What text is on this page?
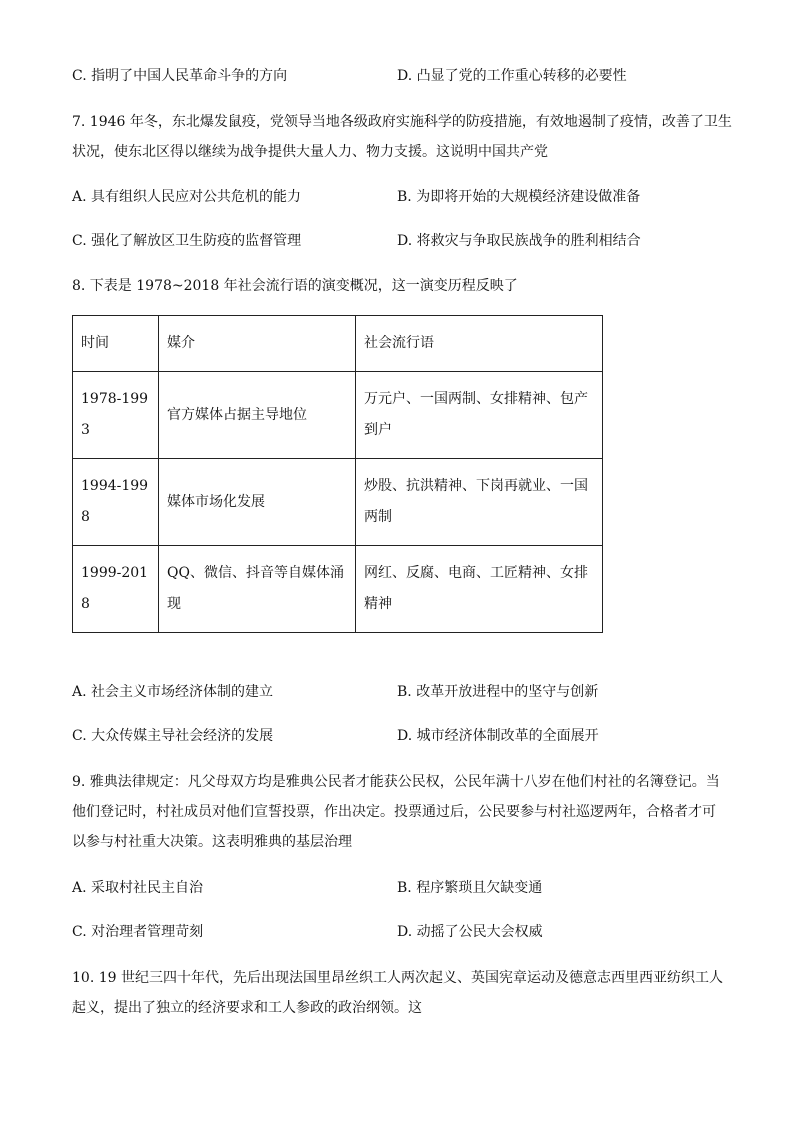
C. 指明了中国人民革命斗争的方向	D. 凸显了党的工作重心转移的必要性
7. 1946 年冬，东北爆发鼠疫，党领导当地各级政府实施科学的防疫措施，有效地遏制了疫情，改善了卫生
状况，使东北区得以继续为战争提供大量人力、物力支援。这说明中国共产党
A. 具有组织人民应对公共危机的能力	B. 为即将开始的大规模经济建设做准备
C. 强化了解放区卫生防疫的监督管理	D. 将救灾与争取民族战争的胜利相结合
8. 下表是 1978~2018 年社会流行语的演变概况，这一演变历程反映了
时间	媒介	社会流行语
1978-1993	官方媒体占据主导地位	万元户、一国两制、女排精神、包产到户
1994-1998	媒体市场化发展	炒股、抗洪精神、下岗再就业、一国两制
1999-2018	QQ、微信、抖音等自媒体涌现	网红、反腐、电商、工匠精神、女排精神
A. 社会主义市场经济体制的建立	B. 改革开放进程中的坚守与创新
C. 大众传媒主导社会经济的发展	D. 城市经济体制改革的全面展开
9. 雅典法律规定：凡父母双方均是雅典公民者才能获公民权，公民年满十八岁在他们村社的名簿登记。当
他们登记时，村社成员对他们宣誓投票，作出决定。投票通过后，公民要参与村社巡逻两年，合格者才可
以参与村社重大决策。这表明雅典的基层治理
A. 采取村社民主自治	B. 程序繁琐且欠缺变通
C. 对治理者管理苛刻	D. 动摇了公民大会权威
10. 19 世纪三四十年代，先后出现法国里昂丝织工人两次起义、英国宪章运动及德意志西里西亚纺织工人
起义，提出了独立的经济要求和工人参政的政治纲领。这
